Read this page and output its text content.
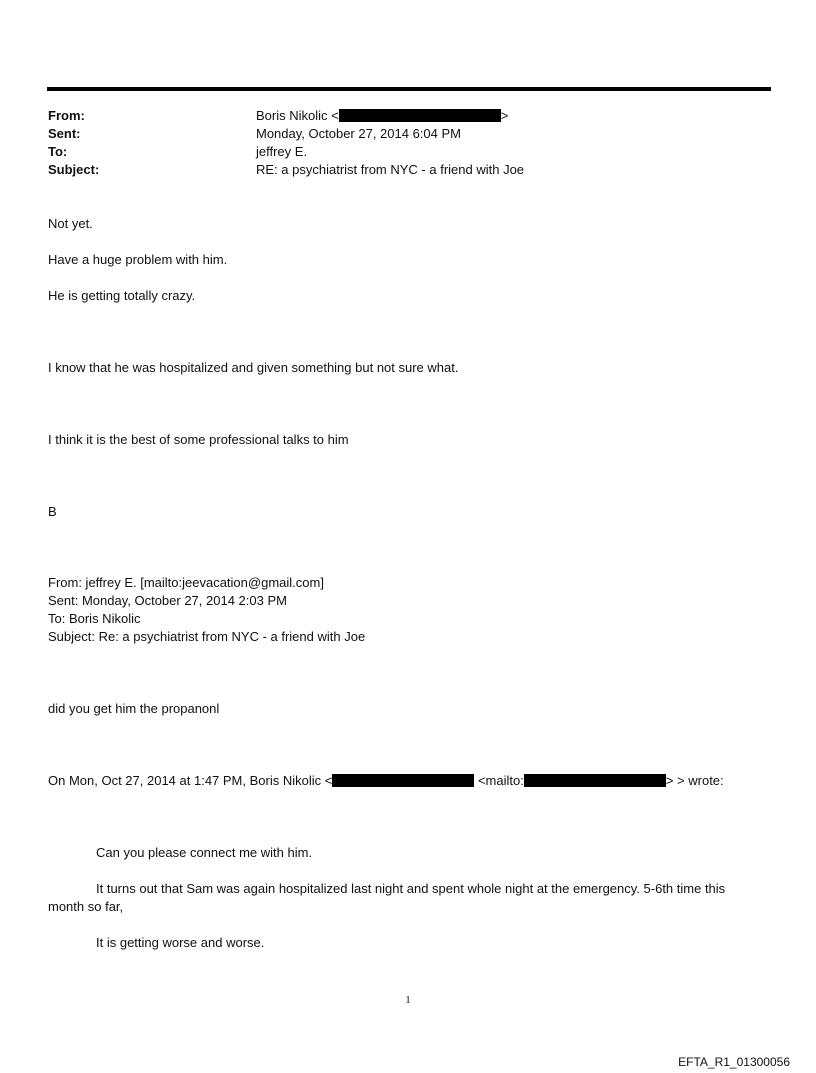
From:	Boris Nikolic <	>
Sent:	Monday, October 27, 2014 6:04 PM
To:	jeffrey E.
Subject:	RE: a psychiatrist from NYC - a friend with Joe
Not yet.
Have a huge problem with him.
He is getting totally crazy.
I know that he was hospitalized and given something but not sure what.
I think it is the best of some professional talks to him
B
From: jeffrey E. [mailto:jeevacation@gmail.com]
Sent: Monday, October 27, 2014 2:03 PM
To: Boris Nikolic
Subject: Re: a psychiatrist from NYC - a friend with Joe
did you get him the propanonl
On Mon, Oct 27, 2014 at 1:47 PM, Boris Nikolic <	<mailto:	> > wrote:
Can you please connect me with him.
It turns out that Sam was again hospitalized last night and spent whole night at the emergency. 5-6th time this
month so far,
It is getting worse and worse.
1
EFTA_R1_01300056
